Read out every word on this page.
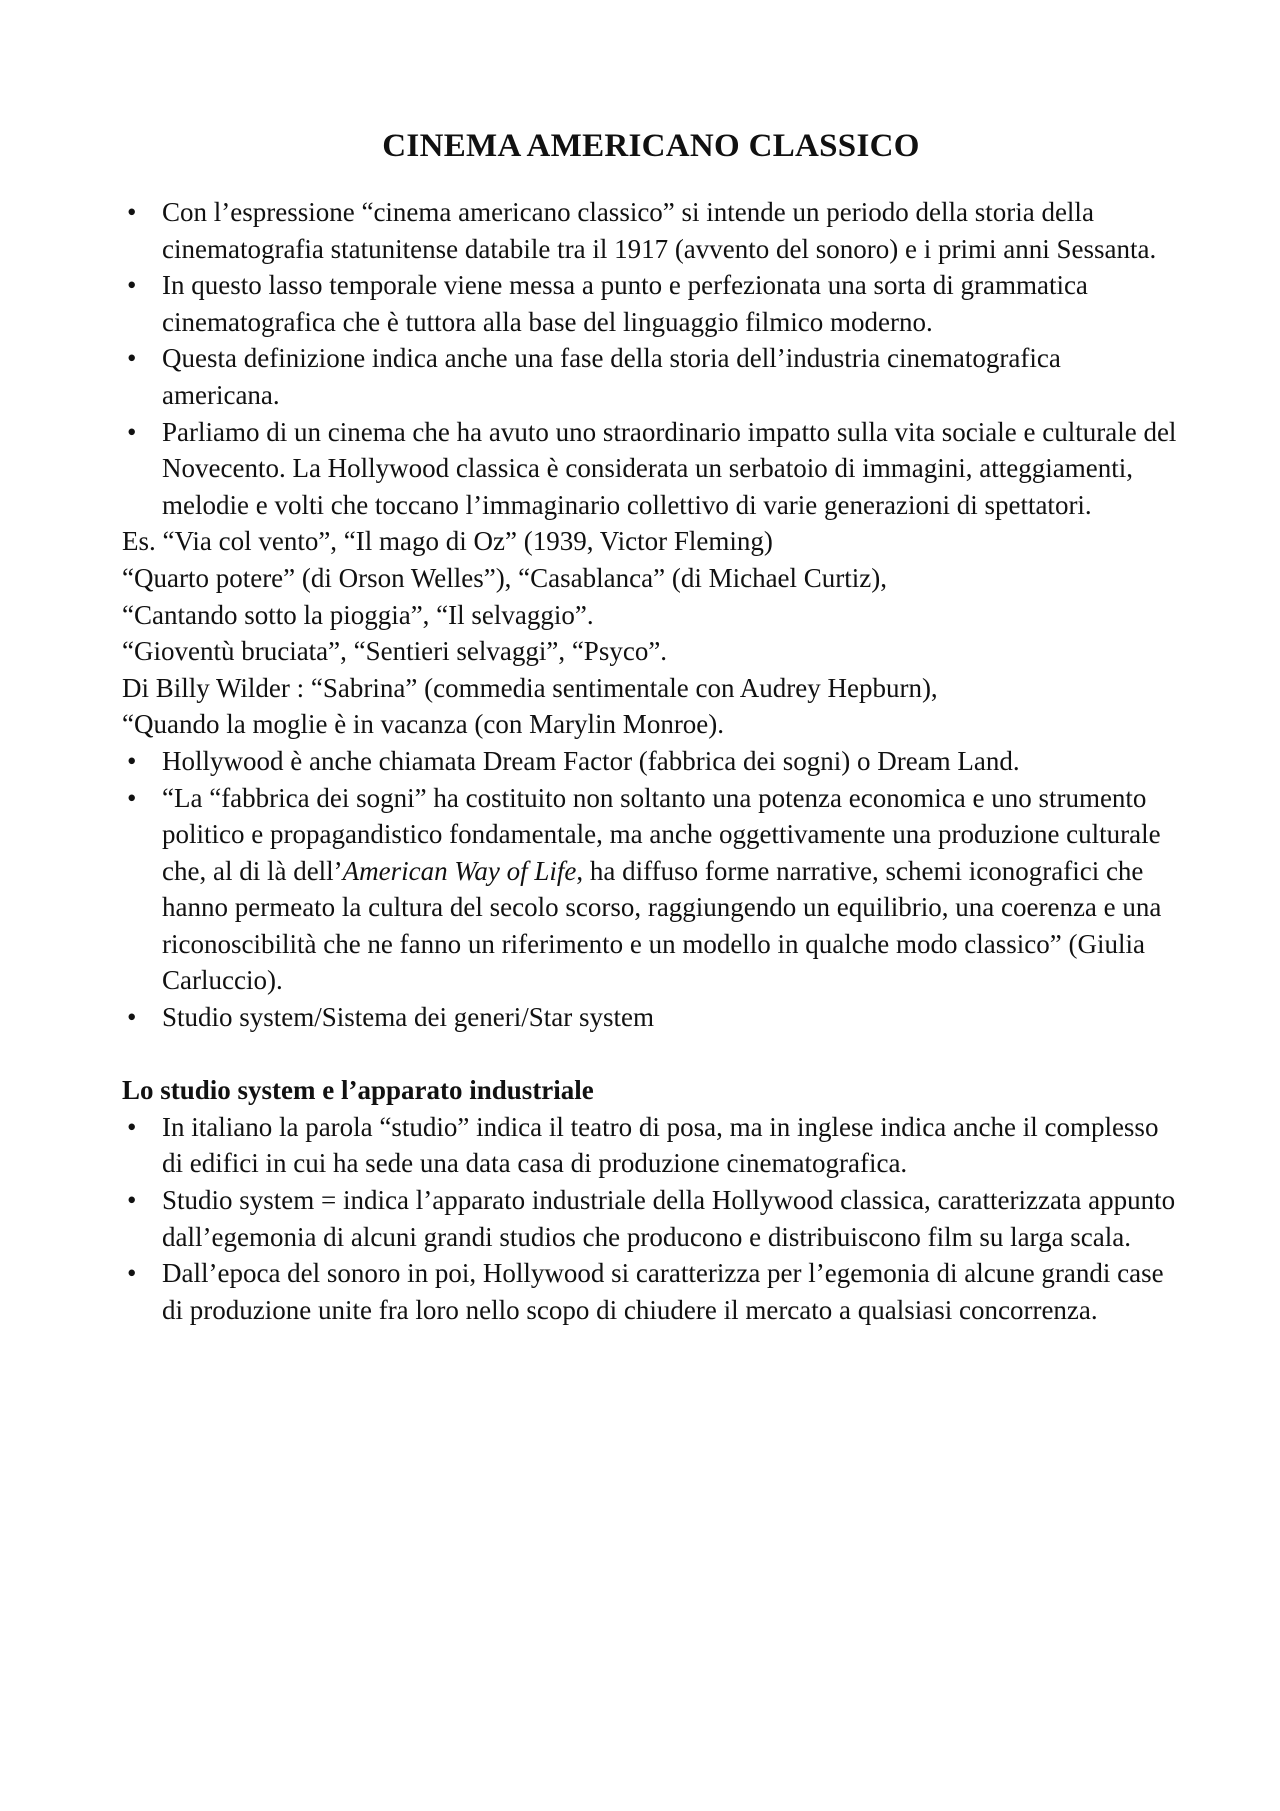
CINEMA AMERICANO CLASSICO
• Con l’espressione “cinema americano classico” si intende un periodo della storia della cinematografia statunitense databile tra il 1917 (avvento del sonoro) e i primi anni Sessanta.
• In questo lasso temporale viene messa a punto e perfezionata una sorta di grammatica cinematografica che è tuttora alla base del linguaggio filmico moderno.
• Questa definizione indica anche una fase della storia dell’industria cinematografica americana.
• Parliamo di un cinema che ha avuto uno straordinario impatto sulla vita sociale e culturale del Novecento. La Hollywood classica è considerata un serbatoio di immagini, atteggiamenti, melodie e volti che toccano l’immaginario collettivo di varie generazioni di spettatori.

Es. “Via col vento”, “Il mago di Oz” (1939, Victor Fleming)

“Quarto potere” (di Orson Welles”), “Casablanca” (di Michael Curtiz),

“Cantando sotto la pioggia”, “Il selvaggio”.

“Gioventù bruciata”, “Sentieri selvaggi”, “Psyco”.

Di Billy Wilder : “Sabrina” (commedia sentimentale con Audrey Hepburn),

“Quando la moglie è in vacanza (con Marylin Monroe).

• Hollywood è anche chiamata Dream Factor (fabbrica dei sogni) o Dream Land.
• “La “fabbrica dei sogni” ha costituito non soltanto una potenza economica e uno strumento politico e propagandistico fondamentale, ma anche oggettivamente una produzione culturale che, al di là dell’American Way of Life, ha diffuso forme narrative, schemi iconografici che hanno permeato la cultura del secolo scorso, raggiungendo un equilibrio, una coerenza e una riconoscibilità che ne fanno un riferimento e un modello in qualche modo classico” (Giulia Carluccio).
• Studio system/Sistema dei generi/Star system

Lo studio system e l’apparato industriale

• In italiano la parola “studio” indica il teatro di posa, ma in inglese indica anche il complesso di edifici in cui ha sede una data casa di produzione cinematografica.
• Studio system = indica l’apparato industriale della Hollywood classica, caratterizzata appunto dall’egemonia di alcuni grandi studios che producono e distribuiscono film su larga scala.
• Dall’epoca del sonoro in poi, Hollywood si caratterizza per l’egemonia di alcune grandi case di produzione unite fra loro nello scopo di chiudere il mercato a qualsiasi concorrenza.
